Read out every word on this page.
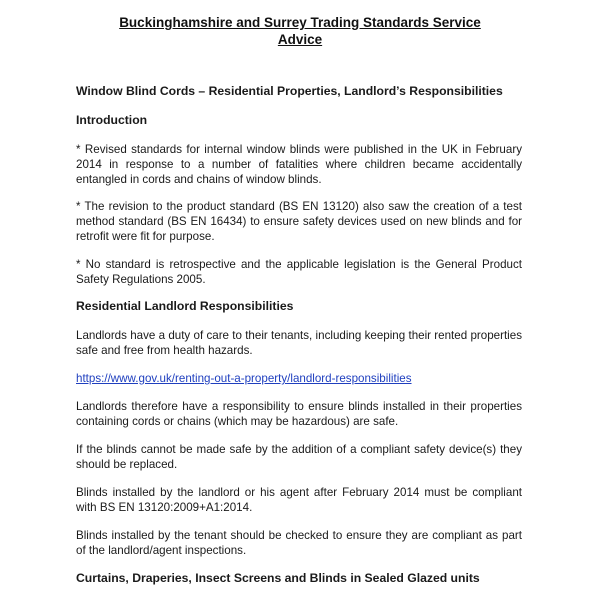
Buckinghamshire and Surrey Trading Standards Service
Advice
Window Blind Cords – Residential Properties, Landlord’s Responsibilities
Introduction

* Revised standards for internal window blinds were published in the UK in February 2014 in response to a number of fatalities where children became accidentally entangled in cords and chains of window blinds.

* The revision to the product standard (BS EN 13120) also saw the creation of a test method standard (BS EN 16434) to ensure safety devices used on new blinds and for retrofit were fit for purpose.

* No standard is retrospective and the applicable legislation is the General Product Safety Regulations 2005.

Residential Landlord Responsibilities

Landlords have a duty of care to their tenants, including keeping their rented properties safe and free from health hazards.

https://www.gov.uk/renting-out-a-property/landlord-responsibilities

Landlords therefore have a responsibility to ensure blinds installed in their properties containing cords or chains (which may be hazardous) are safe.

If the blinds cannot be made safe by the addition of a compliant safety device(s) they should be replaced.

Blinds installed by the landlord or his agent after February 2014 must be compliant with BS EN 13120:2009+A1:2014.

Blinds installed by the tenant should be checked to ensure they are compliant as part of the landlord/agent inspections.

Curtains, Draperies, Insect Screens and Blinds in Sealed Glazed units
